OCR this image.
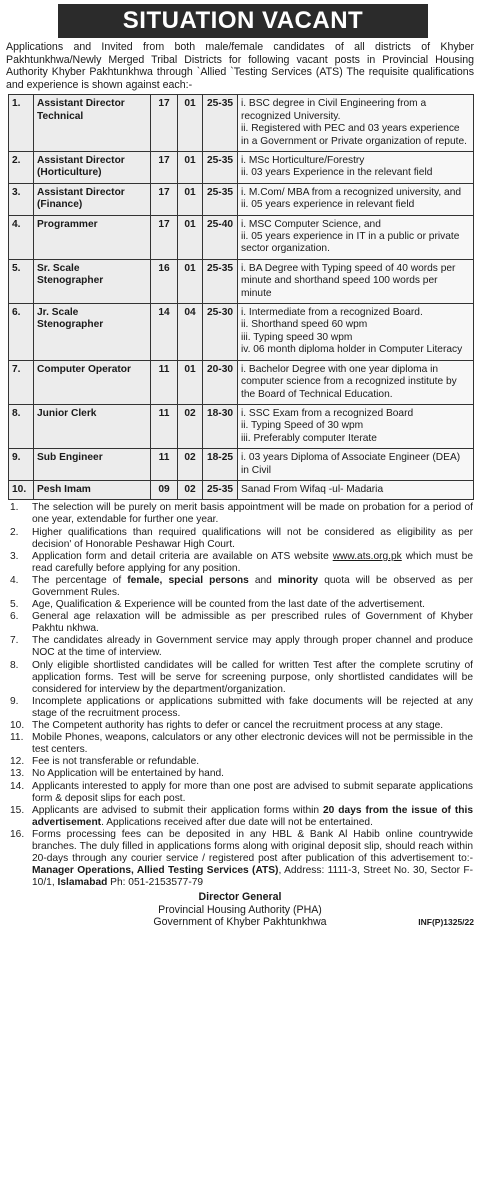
SITUATION VACANT
Applications and Invited from both male/female candidates of all districts of Khyber Pakhtunkhwa/Newly Merged Tribal Districts for following vacant posts in Provincial Housing Authority Khyber Pakhtunkhwa through `Allied `Testing Services (ATS) The requisite qualifications and experience is shown against each:-
1.	Assistant Director Technical	17	01	25-35	i. BSC degree in Civil Engineering from a recognized University.
ii. Registered with PEC and 03 years experience in a Government or Private organization of repute.

2.	Assistant Director (Horticulture)	17	01	25-35	i. MSc Horticulture/Forestry
ii. 03 years Experience in the relevant field

3.	Assistant Director (Finance)	17	01	25-35	i. M.Com/ MBA from a recognized university, and
ii. 05 years experience in relevant field

4.	Programmer	17	01	25-40	i. MSC Computer Science, and
ii. 05 years experience in IT in a public or private sector organization.

5.	Sr. Scale Stenographer	16	01	25-35	i. BA Degree with Typing speed of 40 words per minute and shorthand speed 100 words per minute

6.	Jr. Scale Stenographer	14	04	25-30	i. Intermediate from a recognized Board.
ii. Shorthand speed 60 wpm
iii. Typing speed 30 wpm
iv. 06 month diploma holder in Computer Literacy

7.	Computer Operator	11	01	20-30	i. Bachelor Degree with one year diploma in computer science from a recognized institute by the Board of Technical Education.

8.	Junior Clerk	11	02	18-30	i. SSC Exam from a recognized Board
ii. Typing Speed of 30 wpm
iii. Preferably computer Iterate

9.	Sub Engineer	11	02	18-25	i. 03 years Diploma of Associate Engineer (DEA) in Civil

10.	Pesh Imam	09	02	25-35	Sanad From Wifaq -ul- Madaria
1.	The selection will be purely on merit basis appointment will be made on probation for a period of one year, extendable for further one year.
2.	Higher qualifications than required qualifications will not be considered as eligibility as per decision' of Honorable Peshawar High Court.
3.	Application form and detail criteria are available on ATS website www.ats.org.pk which must be read carefully before applying for any position.
4.	The percentage of female, special persons and minority quota will be observed as per Government Rules.
5.	Age, Qualification & Experience will be counted from the last date of the advertisement.
6.	General age relaxation will be admissible as per prescribed rules of Government of Khyber Pakhtu nkhwa.
7.	The candidates already in Government service may apply through proper channel and produce NOC at the time of interview.
8.	Only eligible shortlisted candidates will be called for written Test after the complete scrutiny of application forms. Test will be serve for screening purpose, only shortlisted candidates will be considered for interview by the department/organization.
9.	Incomplete applications or applications submitted with fake documents will be rejected at any stage of the recruitment process.
10. The Competent authority has rights to defer or cancel the recruitment process at any stage.
11. Mobile Phones, weapons, calculators or any other electronic devices will not be permissible in the test centers.
12. Fee is not transferable or refundable.
13. No Application will be entertained by hand.
14. Applicants interested to apply for more than one post are advised to submit separate applications form & deposit slips for each post.
15. Applicants are advised to submit their application forms within 20 days from the issue of this advertisement. Applications received after due date will not be entertained.
16. Forms processing fees can be deposited in any HBL & Bank Al Habib online countrywide branches. The duly filled in applications forms along with original deposit slip, should reach within 20-days through any courier service / registered post after publication of this advertisement to:- Manager Operations, Allied Testing Services (ATS), Address: 1111-3, Street No. 30, Sector F-10/1, Islamabad Ph: 051-2153577-79
Director General
Provincial Housing Authority (PHA)
Government of Khyber Pakhtunkhwa	INF(P)1325/22
